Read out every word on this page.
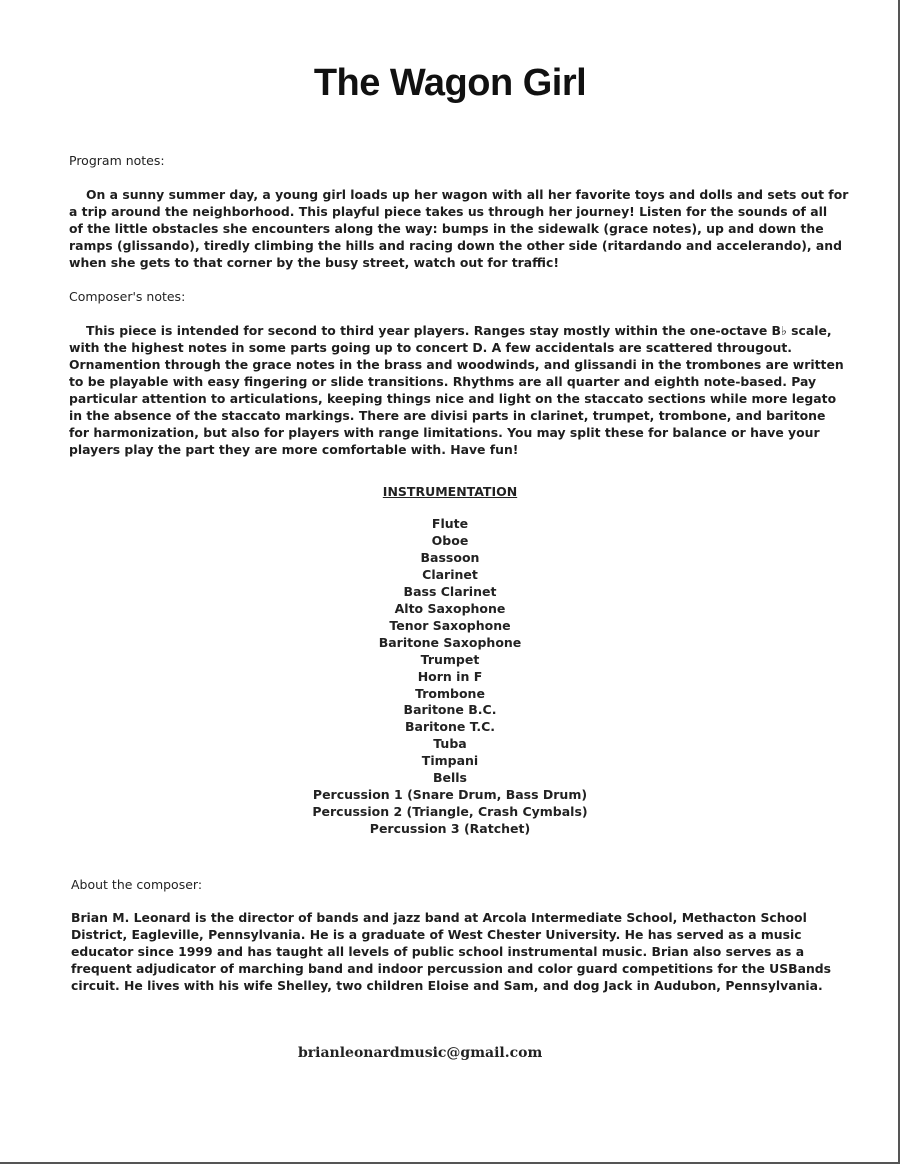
The Wagon Girl
Program notes:

On a sunny summer day, a young girl loads up her wagon with all her favorite toys and dolls and sets out for
a trip around the neighborhood. This playful piece takes us through her journey! Listen for the sounds of all
of the little obstacles she encounters along the way: bumps in the sidewalk (grace notes), up and down the
ramps (glissando), tiredly climbing the hills and racing down the other side (ritardando and accelerando), and
when she gets to that corner by the busy street, watch out for traffic!

Composer's notes:

This piece is intended for second to third year players. Ranges stay mostly within the one-octave B♭ scale,
with the highest notes in some parts going up to concert D. A few accidentals are scattered througout.
Ornamention through the grace notes in the brass and woodwinds, and glissandi in the trombones are written
to be playable with easy fingering or slide transitions. Rhythms are all quarter and eighth note-based. Pay
particular attention to articulations, keeping things nice and light on the staccato sections while more legato
in the absence of the staccato markings. There are divisi parts in clarinet, trumpet, trombone, and baritone
for harmonization, but also for players with range limitations. You may split these for balance or have your
players play the part they are more comfortable with. Have fun!

INSTRUMENTATION
Flute
Oboe
Bassoon
Clarinet
Bass Clarinet
Alto Saxophone
Tenor Saxophone
Baritone Saxophone
Trumpet
Horn in F
Trombone
Baritone B.C.
Baritone T.C.
Tuba
Timpani
Bells
Percussion 1 (Snare Drum, Bass Drum)
Percussion 2 (Triangle, Crash Cymbals)
Percussion 3 (Ratchet)
About the composer:

Brian M. Leonard is the director of bands and jazz band at Arcola Intermediate School, Methacton School
District, Eagleville, Pennsylvania. He is a graduate of West Chester University. He has served as a music
educator since 1999 and has taught all levels of public school instrumental music. Brian also serves as a
frequent adjudicator of marching band and indoor percussion and color guard competitions for the USBands
circuit. He lives with his wife Shelley, two children Eloise and Sam, and dog Jack in Audubon, Pennsylvania.

brianleonardmusic@gmail.com
